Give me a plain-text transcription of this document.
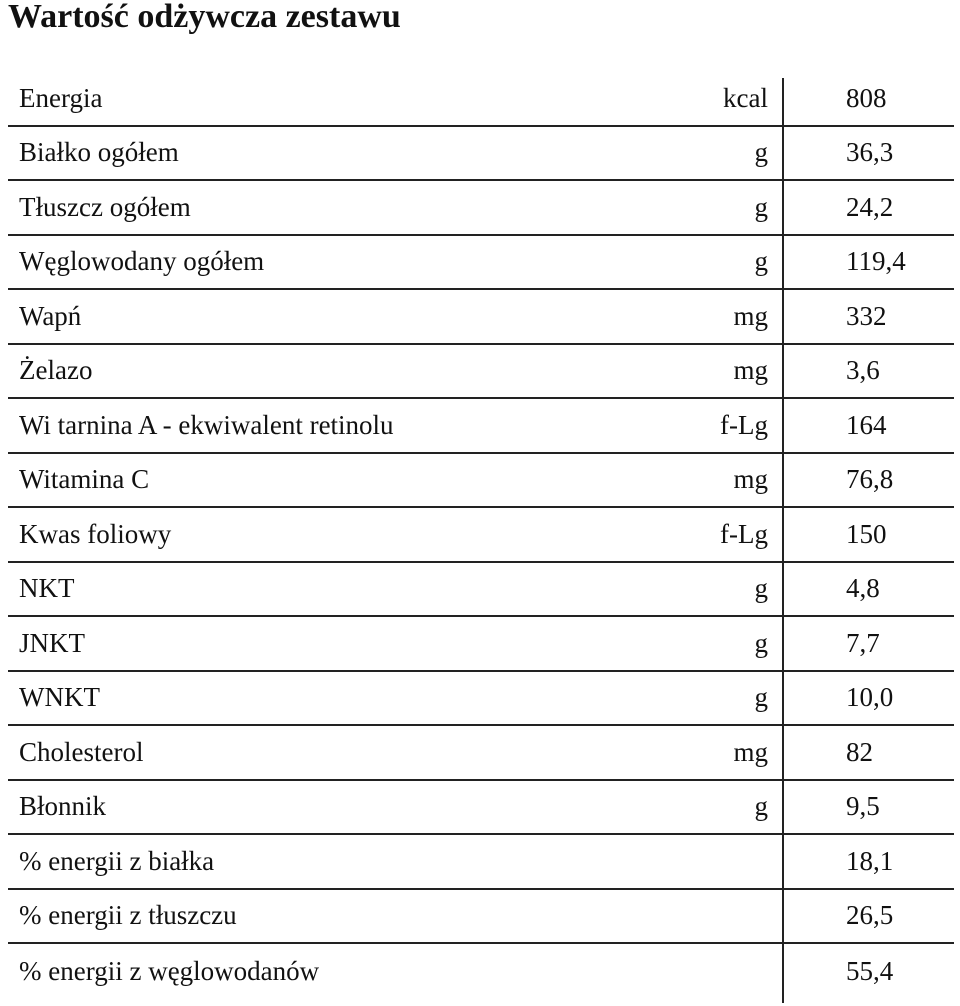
Wartość odżywcza zestawu
Energia	kcal	808
Białko ogółem	g	36,3
Tłuszcz ogółem	g	24,2
Węglowodany ogółem	g	119,4
Wapń	mg	332
Żelazo	mg	3,6
Wi tarnina A - ekwiwalent retinolu	f-Lg	164
Witamina C	mg	76,8
Kwas foliowy	f-Lg	150
NKT	g	4,8
JNKT	g	7,7
WNKT	g	10,0
Cholesterol	mg	82
Błonnik	g	9,5
% energii z białka	18,1
% energii z tłuszczu	26,5
% energii z węglowodanów	55,4
